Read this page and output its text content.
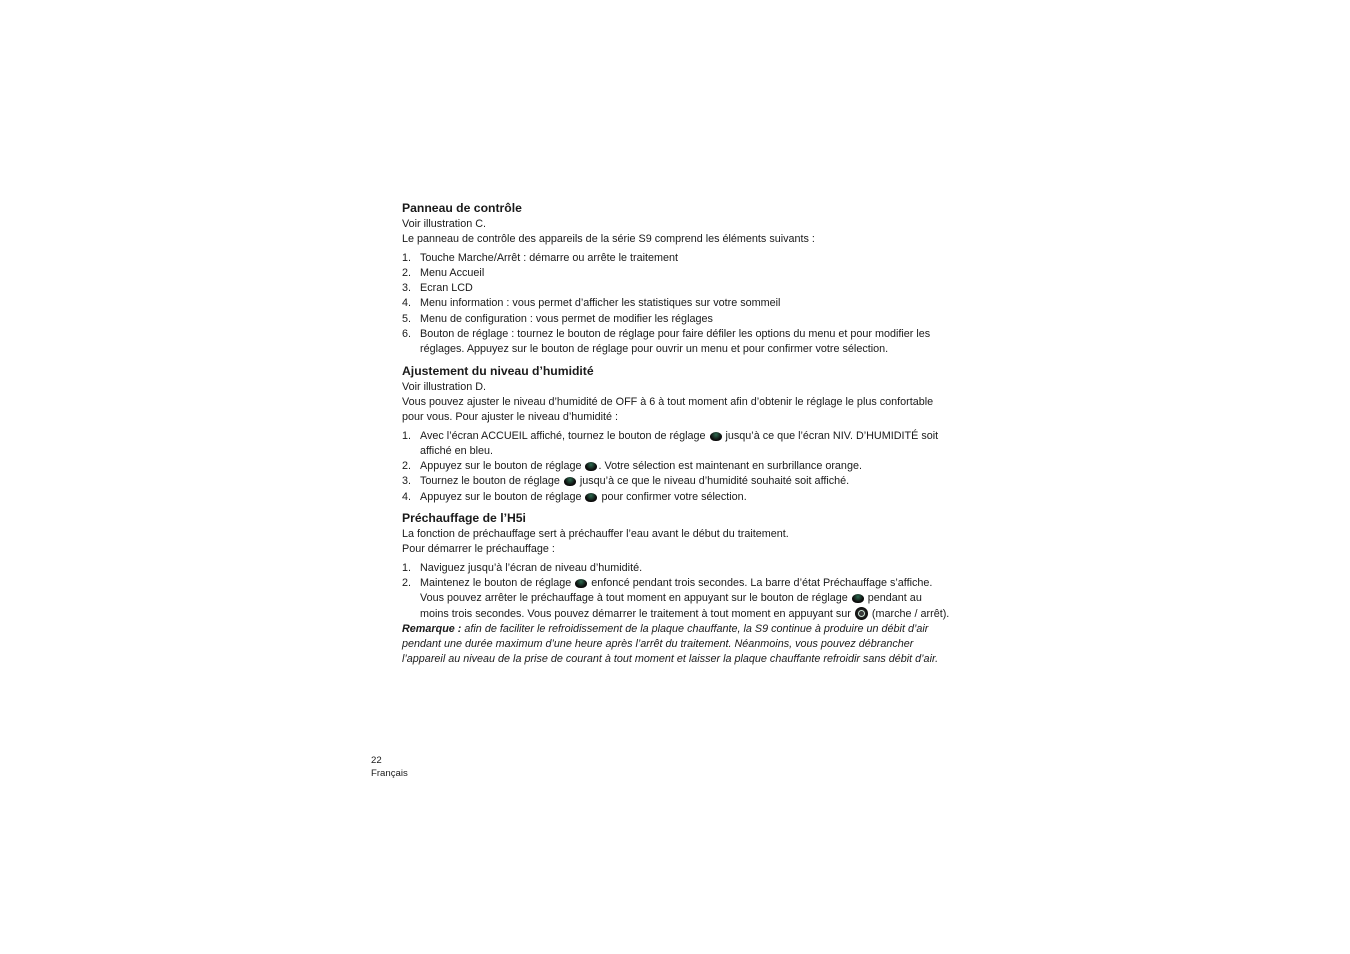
Panneau de contrôle

Voir illustration C.

Le panneau de contrôle des appareils de la série S9 comprend les éléments suivants :

1. Touche Marche/Arrêt : démarre ou arrête le traitement
2. Menu Accueil
3. Ecran LCD
4. Menu information : vous permet d’afficher les statistiques sur votre sommeil
5. Menu de configuration : vous permet de modifier les réglages
6. Bouton de réglage : tournez le bouton de réglage pour faire défiler les options du menu et pour modifier les réglages. Appuyez sur le bouton de réglage pour ouvrir un menu et pour confirmer votre sélection.
Ajustement du niveau d’humidité

Voir illustration D.

Vous pouvez ajuster le niveau d’humidité de OFF à 6 à tout moment afin d’obtenir le réglage le plus confortable pour vous. Pour ajuster le niveau d’humidité :

1. Avec l’écran ACCUEIL affiché, tournez le bouton de réglage jusqu’à ce que l’écran NIV. D’HUMIDITÉ soit affiché en bleu.
2. Appuyez sur le bouton de réglage . Votre sélection est maintenant en surbrillance orange.
3. Tournez le bouton de réglage jusqu’à ce que le niveau d’humidité souhaité soit affiché.
4. Appuyez sur le bouton de réglage pour confirmer votre sélection.
Préchauffage de l’H5i

La fonction de préchauffage sert à préchauffer l’eau avant le début du traitement.

Pour démarrer le préchauffage :

1. Naviguez jusqu’à l’écran de niveau d’humidité.
2. Maintenez le bouton de réglage enfoncé pendant trois secondes. La barre d’état Préchauffage s’affiche. Vous pouvez arrêter le préchauffage à tout moment en appuyant sur le bouton de réglage pendant au moins trois secondes. Vous pouvez démarrer le traitement à tout moment en appuyant sur (marche / arrêt).

Remarque : afin de faciliter le refroidissement de la plaque chauffante, la S9 continue à produire un débit d’air pendant une durée maximum d’une heure après l’arrêt du traitement. Néanmoins, vous pouvez débrancher l’appareil au niveau de la prise de courant à tout moment et laisser la plaque chauffante refroidir sans débit d’air.

22
Français
